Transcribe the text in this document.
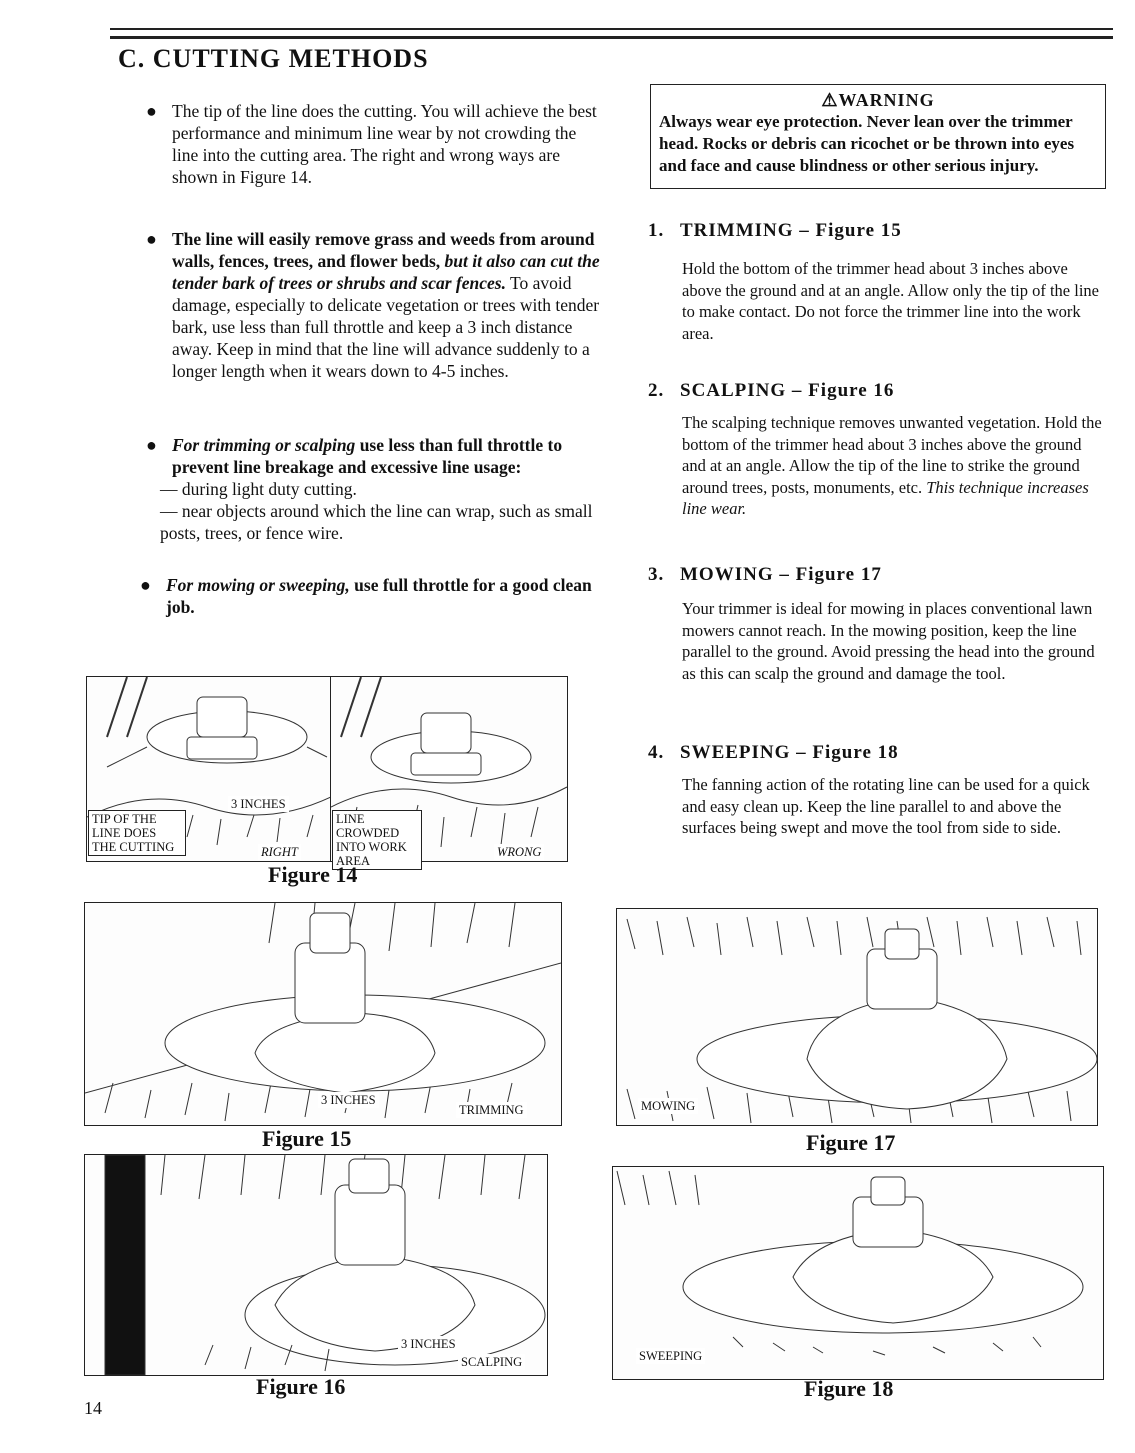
C. CUTTING METHODS
● The tip of the line does the cutting. You will achieve the best performance and minimum line wear by not crowding the line into the cutting area. The right and wrong ways are shown in Figure 14.
● The line will easily remove grass and weeds from around walls, fences, trees, and flower beds, but it also can cut the tender bark of trees or shrubs and scar fences. To avoid damage, especially to delicate vegetation or trees with tender bark, use less than full throttle and keep a 3 inch distance away. Keep in mind that the line will advance suddenly to a longer length when it wears down to 4-5 inches.
● For trimming or scalping use less than full throttle to prevent line breakage and excessive line usage:
— during light duty cutting.
— near objects around which the line can wrap, such as small posts, trees, or fence wire.
● For mowing or sweeping, use full throttle for a good clean job.
⚠WARNING
Always wear eye protection. Never lean over the trimmer head. Rocks or debris can ricochet or be thrown into eyes and face and cause blindness or other serious injury.
1. TRIMMING – Figure 15
Hold the bottom of the trimmer head about 3 inches above above the ground and at an angle. Allow only the tip of the line to make contact. Do not force the trimmer line into the work area.
2. SCALPING – Figure 16
The scalping technique removes unwanted vegetation. Hold the bottom of the trimmer head about 3 inches above the ground and at an angle. Allow the tip of the line to strike the ground around trees, posts, monuments, etc. This technique increases line wear.
3. MOWING – Figure 17
Your trimmer is ideal for mowing in places conventional lawn mowers cannot reach. In the mowing position, keep the line parallel to the ground. Avoid pressing the head into the ground as this can scalp the ground and damage the tool.
4. SWEEPING – Figure 18
The fanning action of the rotating line can be used for a quick and easy clean up. Keep the line parallel to and above the surfaces being swept and move the tool from side to side.
TIP OF THE LINE DOES THE CUTTING
3 INCHES
RIGHT
LINE CROWDED INTO WORK AREA
WRONG
Figure 14
3 INCHES
TRIMMING
Figure 15
3 INCHES
SCALPING
Figure 16
MOWING
Figure 17
SWEEPING
Figure 18
14
